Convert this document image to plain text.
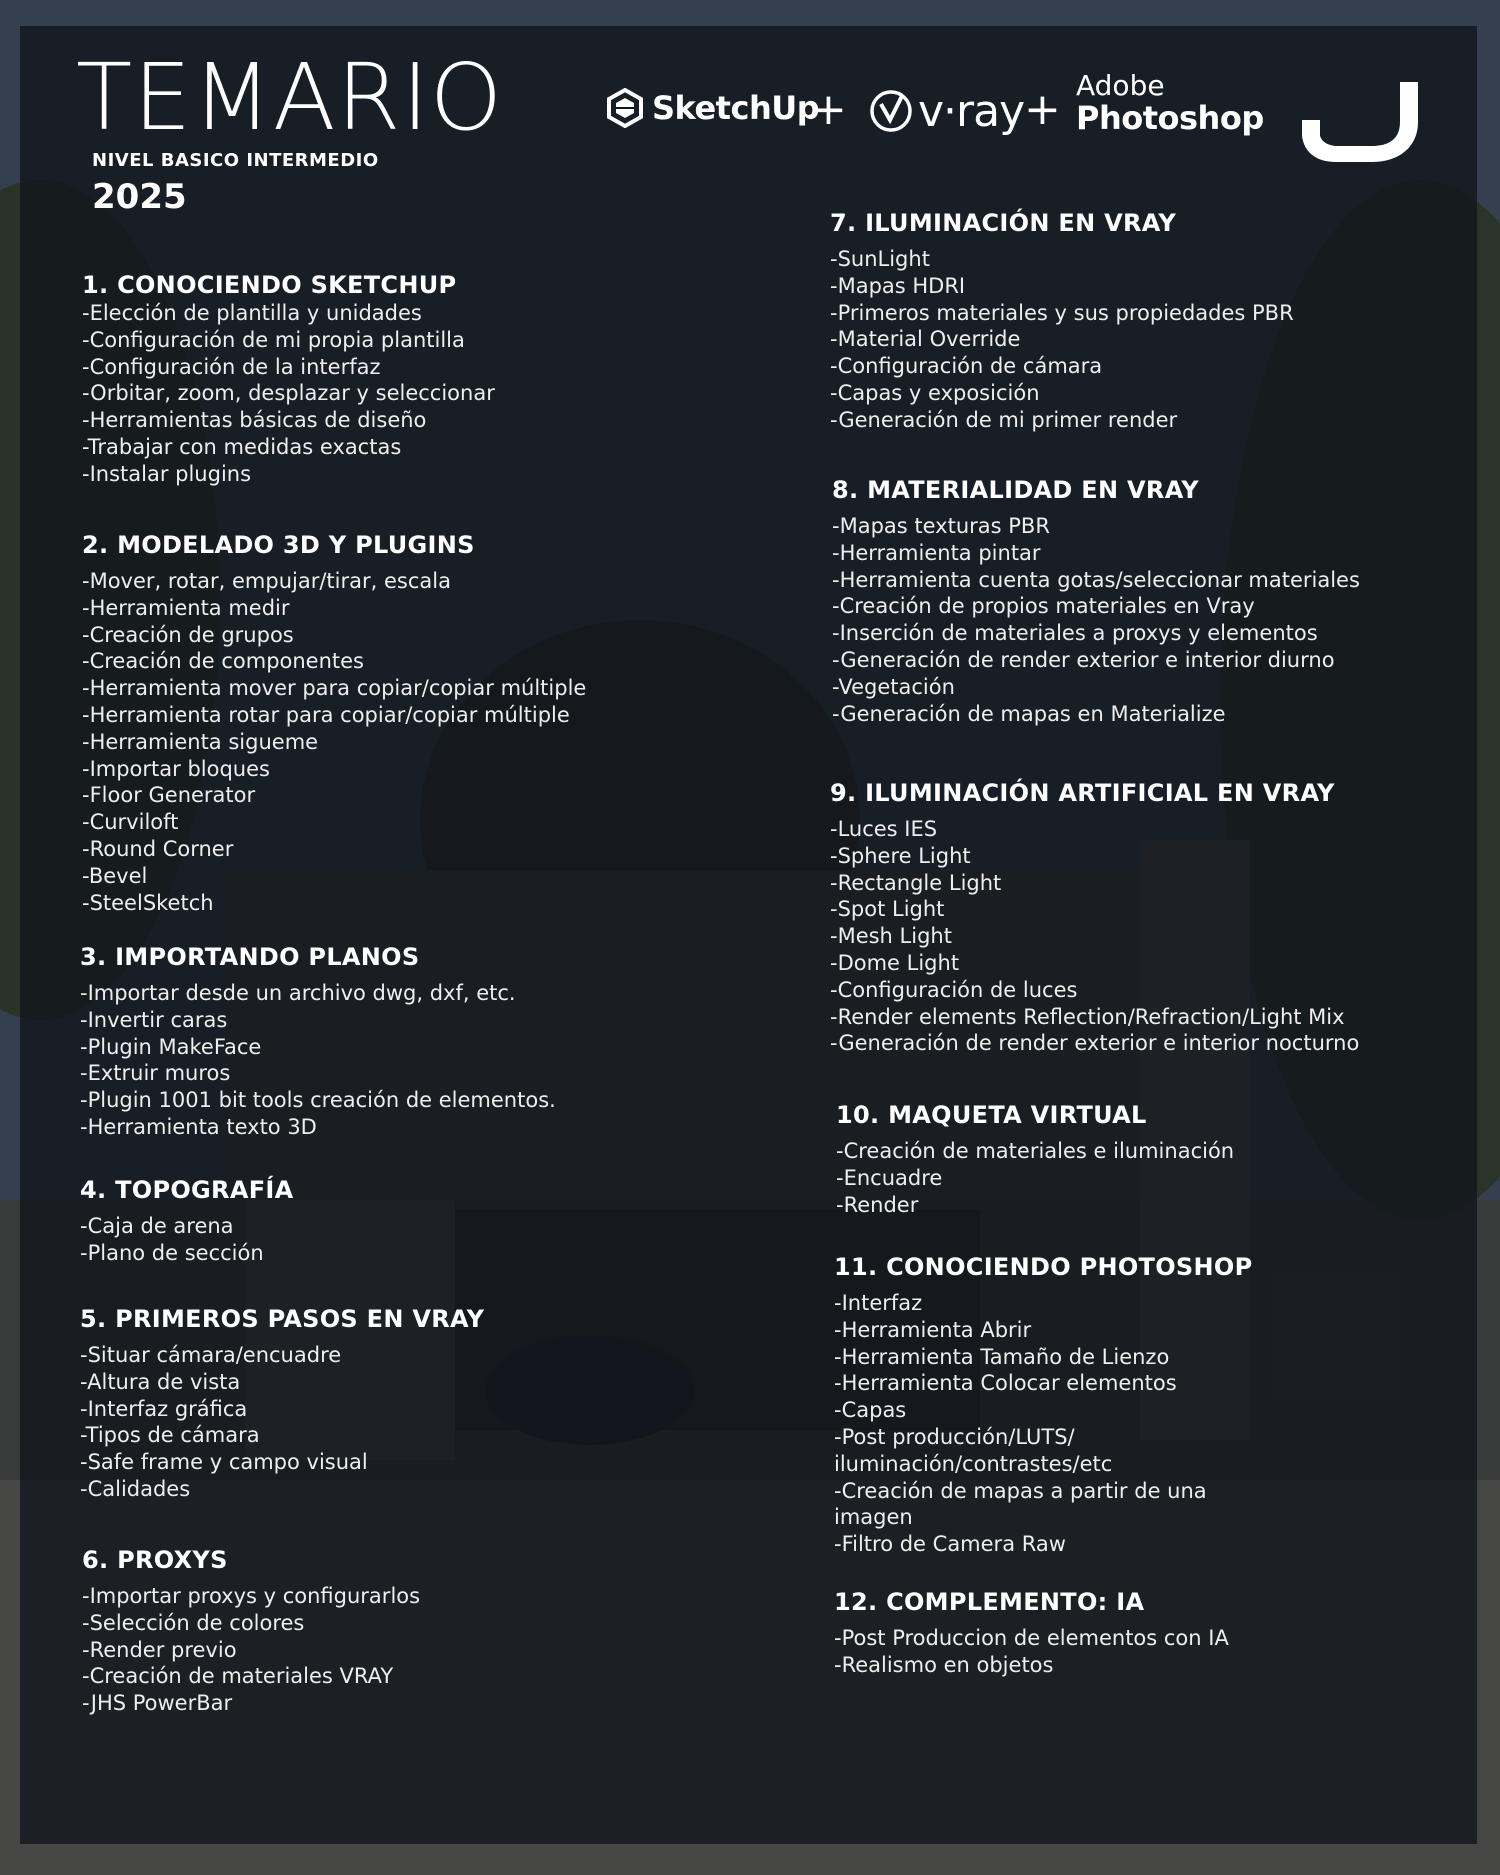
TEMARIO
NIVEL BASICO INTERMEDIO
2025
SketchUp
+ v·ray + Adobe
Photoshop
1. CONOCIENDO SKETCHUP
-Elección de plantilla y unidades
-Configuración de mi propia plantilla
-Configuración de la interfaz
-Orbitar, zoom, desplazar y seleccionar
-Herramientas básicas de diseño
-Trabajar con medidas exactas
-Instalar plugins
2. MODELADO 3D Y PLUGINS
-Mover, rotar, empujar/tirar, escala
-Herramienta medir
-Creación de grupos
-Creación de componentes
-Herramienta mover para copiar/copiar múltiple
-Herramienta rotar para copiar/copiar múltiple
-Herramienta sigueme
-Importar bloques
-Floor Generator
-Curviloft
-Round Corner
-Bevel
-SteelSketch
3. IMPORTANDO PLANOS
-Importar desde un archivo dwg, dxf, etc.
-Invertir caras
-Plugin MakeFace
-Extruir muros
-Plugin 1001 bit tools creación de elementos.
-Herramienta texto 3D
4. TOPOGRAFÍA
-Caja de arena
-Plano de sección
5. PRIMEROS PASOS EN VRAY
-Situar cámara/encuadre
-Altura de vista
-Interfaz gráfica
-Tipos de cámara
-Safe frame y campo visual
-Calidades
6. PROXYS
-Importar proxys y configurarlos
-Selección de colores
-Render previo
-Creación de materiales VRAY
-JHS PowerBar
7. ILUMINACIÓN EN VRAY
-SunLight
-Mapas HDRI
-Primeros materiales y sus propiedades PBR
-Material Override
-Configuración de cámara
-Capas y exposición
-Generación de mi primer render
8. MATERIALIDAD EN VRAY
-Mapas texturas PBR
-Herramienta pintar
-Herramienta cuenta gotas/seleccionar materiales
-Creación de propios materiales en Vray
-Inserción de materiales a proxys y elementos
-Generación de render exterior e interior diurno
-Vegetación
-Generación de mapas en Materialize
9. ILUMINACIÓN ARTIFICIAL EN VRAY
-Luces IES
-Sphere Light
-Rectangle Light
-Spot Light
-Mesh Light
-Dome Light
-Configuración de luces
-Render elements Reflection/Refraction/Light Mix
-Generación de render exterior e interior nocturno
10. MAQUETA VIRTUAL
-Creación de materiales e iluminación
-Encuadre
-Render
11. CONOCIENDO PHOTOSHOP
-Interfaz
-Herramienta Abrir
-Herramienta Tamaño de Lienzo
-Herramienta Colocar elementos
-Capas
-Post producción/LUTS/
iluminación/contrastes/etc
-Creación de mapas a partir de una
imagen
-Filtro de Camera Raw
12. COMPLEMENTO: IA
-Post Produccion de elementos con IA
-Realismo en objetos
